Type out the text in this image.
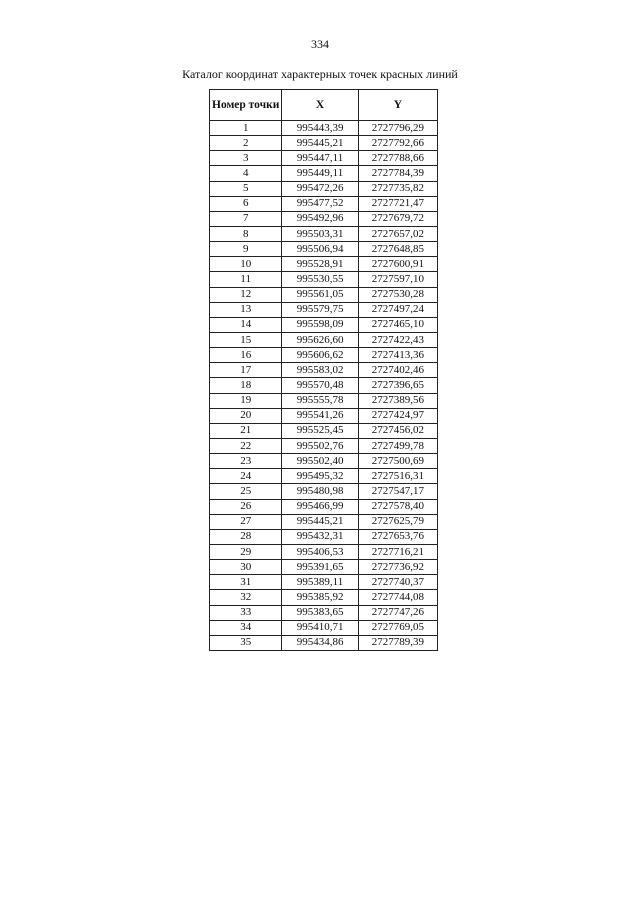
334
Каталог координат характерных точек красных линий
Номер точки	X	Y
1	995443,39	2727796,29
2	995445,21	2727792,66
3	995447,11	2727788,66
4	995449,11	2727784,39
5	995472,26	2727735,82
6	995477,52	2727721,47
7	995492,96	2727679,72
8	995503,31	2727657,02
9	995506,94	2727648,85
10	995528,91	2727600,91
11	995530,55	2727597,10
12	995561,05	2727530,28
13	995579,75	2727497,24
14	995598,09	2727465,10
15	995626,60	2727422,43
16	995606,62	2727413,36
17	995583,02	2727402,46
18	995570,48	2727396,65
19	995555,78	2727389,56
20	995541,26	2727424,97
21	995525,45	2727456,02
22	995502,76	2727499,78
23	995502,40	2727500,69
24	995495,32	2727516,31
25	995480,98	2727547,17
26	995466,99	2727578,40
27	995445,21	2727625,79
28	995432,31	2727653,76
29	995406,53	2727716,21
30	995391,65	2727736,92
31	995389,11	2727740,37
32	995385,92	2727744,08
33	995383,65	2727747,26
34	995410,71	2727769,05
35	995434,86	2727789,39
